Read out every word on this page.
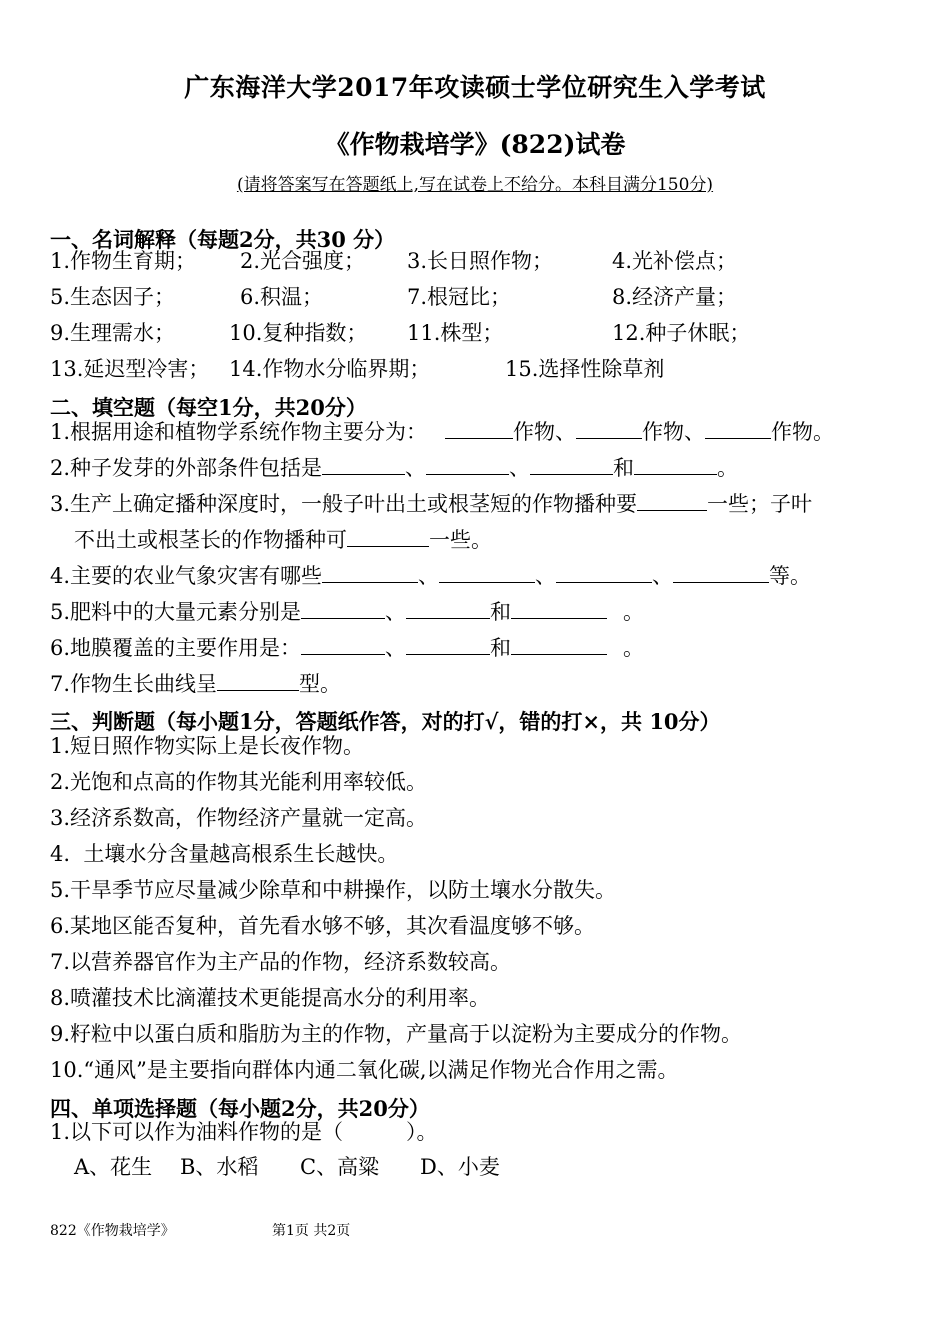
广东海洋大学2017年攻读硕士学位研究生入学考试
《作物栽培学》(822)试卷
(请将答案写在答题纸上,写在试卷上不给分。本科目满分150分)
一、名词解释（每题2分，共30 分）
1.作物生育期； 2.光合强度； 3.长日照作物；	4.光补偿点；
5.生态因子；	6.积温；	7.根冠比；	8.经济产量；
9.生理需水；	10.复种指数； 11.株型；	12.种子休眠；
13.延迟型冷害； 14.作物水分临界期；	15.选择性除草剂
二、填空题（每空1分，共20分）
1.根据用途和植物学系统作物主要分为：	作物、	作物、	作物。
2.种子发芽的外部条件包括是	、	、	和	。
3.生产上确定播种深度时，一般子叶出土或根茎短的作物播种要	一些；子叶
不出土或根茎长的作物播种可	一些。
4.主要的农业气象灾害有哪些	、	、	、	等。
5.肥料中的大量元素分别是	、	和	。
6.地膜覆盖的主要作用是：	、	和	。
7.作物生长曲线呈	型。
三、判断题（每小题1分，答题纸作答，对的打√，错的打×，共 10分）
1.短日照作物实际上是长夜作物。
2.光饱和点高的作物其光能利用率较低。
3.经济系数高，作物经济产量就一定高。
4.  土壤水分含量越高根系生长越快。
5.干旱季节应尽量减少除草和中耕操作，以防土壤水分散失。
6.某地区能否复种，首先看水够不够，其次看温度够不够。
7.以营养器官作为主产品的作物，经济系数较高。
8.喷灌技术比滴灌技术更能提高水分的利用率。
9.籽粒中以蛋白质和脂肪为主的作物，产量高于以淀粉为主要成分的作物。
10.“通风”是主要指向群体内通二氧化碳,以满足作物光合作用之需。
四、单项选择题（每小题2分，共20分）
1.以下可以作为油料作物的是（　　　）。
A、花生 B、水稻 C、高粱 D、小麦
822《作物栽培学》	第1页 共2页
